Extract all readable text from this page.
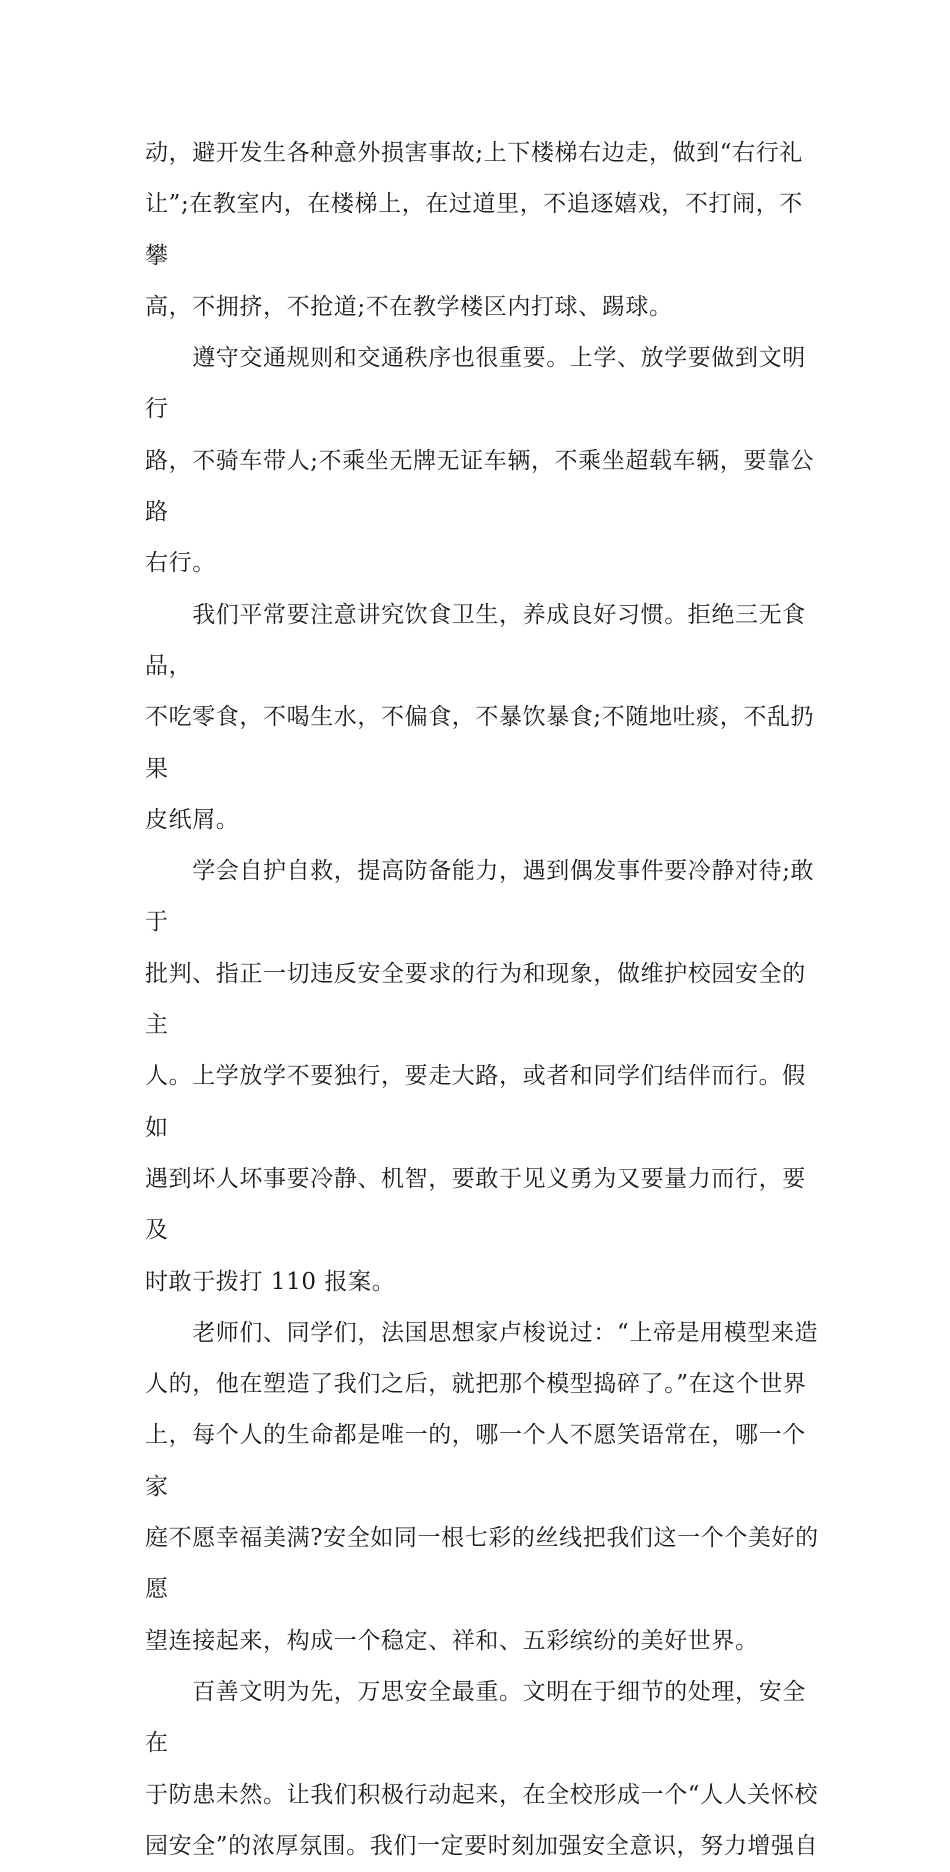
动，避开发生各种意外损害事故;上下楼梯右边走，做到“右行礼
让”;在教室内，在楼梯上，在过道里，不追逐嬉戏，不打闹，不攀
高，不拥挤，不抢道;不在教学楼区内打球、踢球。

　　遵守交通规则和交通秩序也很重要。上学、放学要做到文明行
路，不骑车带人;不乘坐无牌无证车辆，不乘坐超载车辆，要靠公路
右行。

　　我们平常要注意讲究饮食卫生，养成良好习惯。拒绝三无食品，
不吃零食，不喝生水，不偏食，不暴饮暴食;不随地吐痰，不乱扔果
皮纸屑。

　　学会自护自救，提高防备能力，遇到偶发事件要冷静对待;敢于
批判、指正一切违反安全要求的行为和现象，做维护校园安全的主
人。上学放学不要独行，要走大路，或者和同学们结伴而行。假如
遇到坏人坏事要冷静、机智，要敢于见义勇为又要量力而行，要及
时敢于拨打 110 报案。

　　老师们、同学们，法国思想家卢梭说过：“上帝是用模型来造
人的，他在塑造了我们之后，就把那个模型捣碎了。”在这个世界
上，每个人的生命都是唯一的，哪一个人不愿笑语常在，哪一个家
庭不愿幸福美满?安全如同一根七彩的丝线把我们这一个个美好的愿
望连接起来，构成一个稳定、祥和、五彩缤纷的美好世界。

　　百善文明为先，万思安全最重。文明在于细节的处理，安全在
于防患未然。让我们积极行动起来，在全校形成一个“人人关怀校
园安全”的浓厚氛围。我们一定要时刻加强安全意识，努力增强自
